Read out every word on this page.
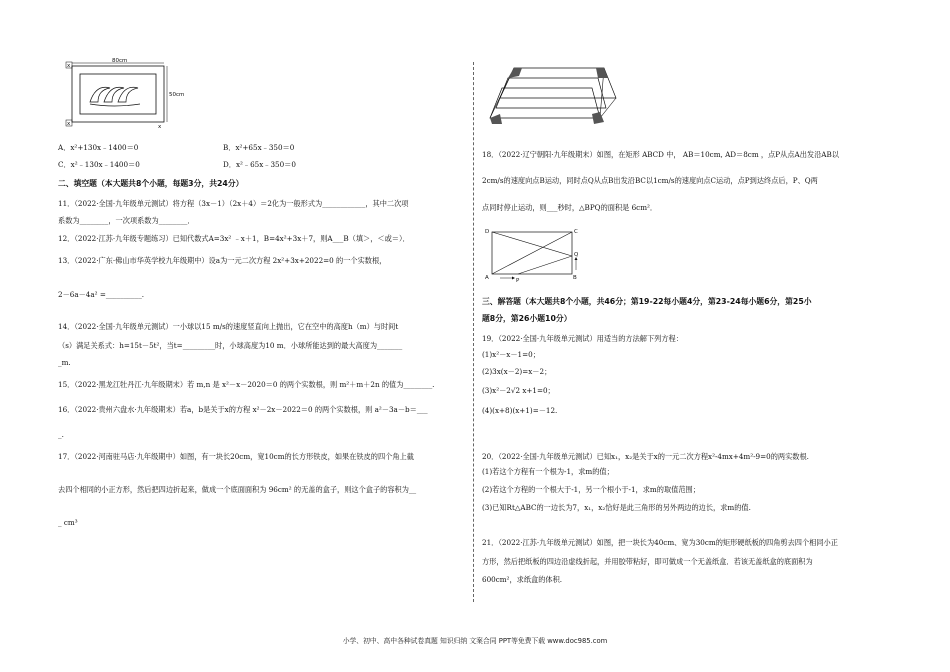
80cm
50cm
x
x	x
A．x²+130x﹣1400＝0	B．x²+65x﹣350＝0
C．x²﹣130x﹣1400＝0	D．x²﹣65x﹣350＝0
二、填空题（本大题共8个小题，每题3分，共24分）
11．（2022·全国·九年级单元测试）将方程（3x－1）（2x＋4）＝2化为一般形式为____________，其中二次项
系数为________，一次项系数为________．
12．（2022·江苏·九年级专题练习）已知代数式A=3x² ﹣x＋1，B=4x²+3x＋7，则A___B（填＞，＜或＝）．
13．（2022·广东·佛山市华英学校九年级期中）设a为一元二次方程 2x²+3x+2022=0 的一个实数根，
2－6a－4a² =__________.
14．（2022·全国·九年级单元测试）一小球以15 m/s的速度竖直向上抛出，它在空中的高度h（m）与时间t
（s）满足关系式：h=15t－5t²，当t=_________时，小球高度为10 m．小球所能达到的最大高度为_______
_m.
15．（2022·黑龙江牡丹江·九年级期末）若 m,n 是 x²－x－2020＝0 的两个实数根，则 m²＋m＋2n 的值为________.
16．（2022·贵州六盘水·九年级期末）若a，b是关于x的方程 x²－2x－2022＝0 的两个实数根，则 a²－3a－b＝___
_.
17．（2022·河南驻马店·九年级期中）如图，有一块长20cm，宽10cm的长方形铁皮，如果在铁皮的四个角上截
去四个相同的小正方形，然后把四边折起来，做成一个底面面积为 96cm² 的无盖的盒子，则这个盒子的容积为__
_ cm³
18．（2022·辽宁朝阳·九年级期末）如图，在矩形 ABCD 中， AB＝10cm, AD＝8cm ，点P从点A出发沿AB以
2cm/s的速度向点B运动，同时点Q从点B出发沿BC以1cm/s的速度向点C运动，点P到达终点后，P、Q两
点同时停止运动，则___秒时，△BPQ的面积是 6cm²．
D	C
Q
A	P	B
三、解答题（本大题共8个小题，共46分；第19-22每小题4分，第23-24每小题6分，第25小
题8分，第26小题10分）
19．（2022·全国·九年级单元测试）用适当的方法解下列方程：
(1)x²－x－1=0；
(2)3x(x－2)=x－2；
(3)x²－2√2 x+1=0；
(4)(x+8)(x+1)=－12.
20．（2022·全国·九年级单元测试）已知x₁，x₂是关于x的一元二次方程x²-4mx+4m²-9=0的两实数根.
(1)若这个方程有一个根为-1，求m的值；
(2)若这个方程的一个根大于-1，另一个根小于-1，求m的取值范围；
(3)已知Rt△ABC的一边长为7，x₁，x₂恰好是此三角形的另外两边的边长，求m的值.
21．（2022·江苏·九年级单元测试）如图，把一块长为40cm、宽为30cm的矩形硬纸板的四角剪去四个相同小正
方形，然后把纸板的四边沿虚线折起，并用胶带粘好，即可做成一个无盖纸盒．若该无盖纸盒的底面积为
600cm²，求纸盒的体积.
小学、初中、高中各种试卷真题 知识归纳 文案合同 PPT等免费下载 www.doc985.com
